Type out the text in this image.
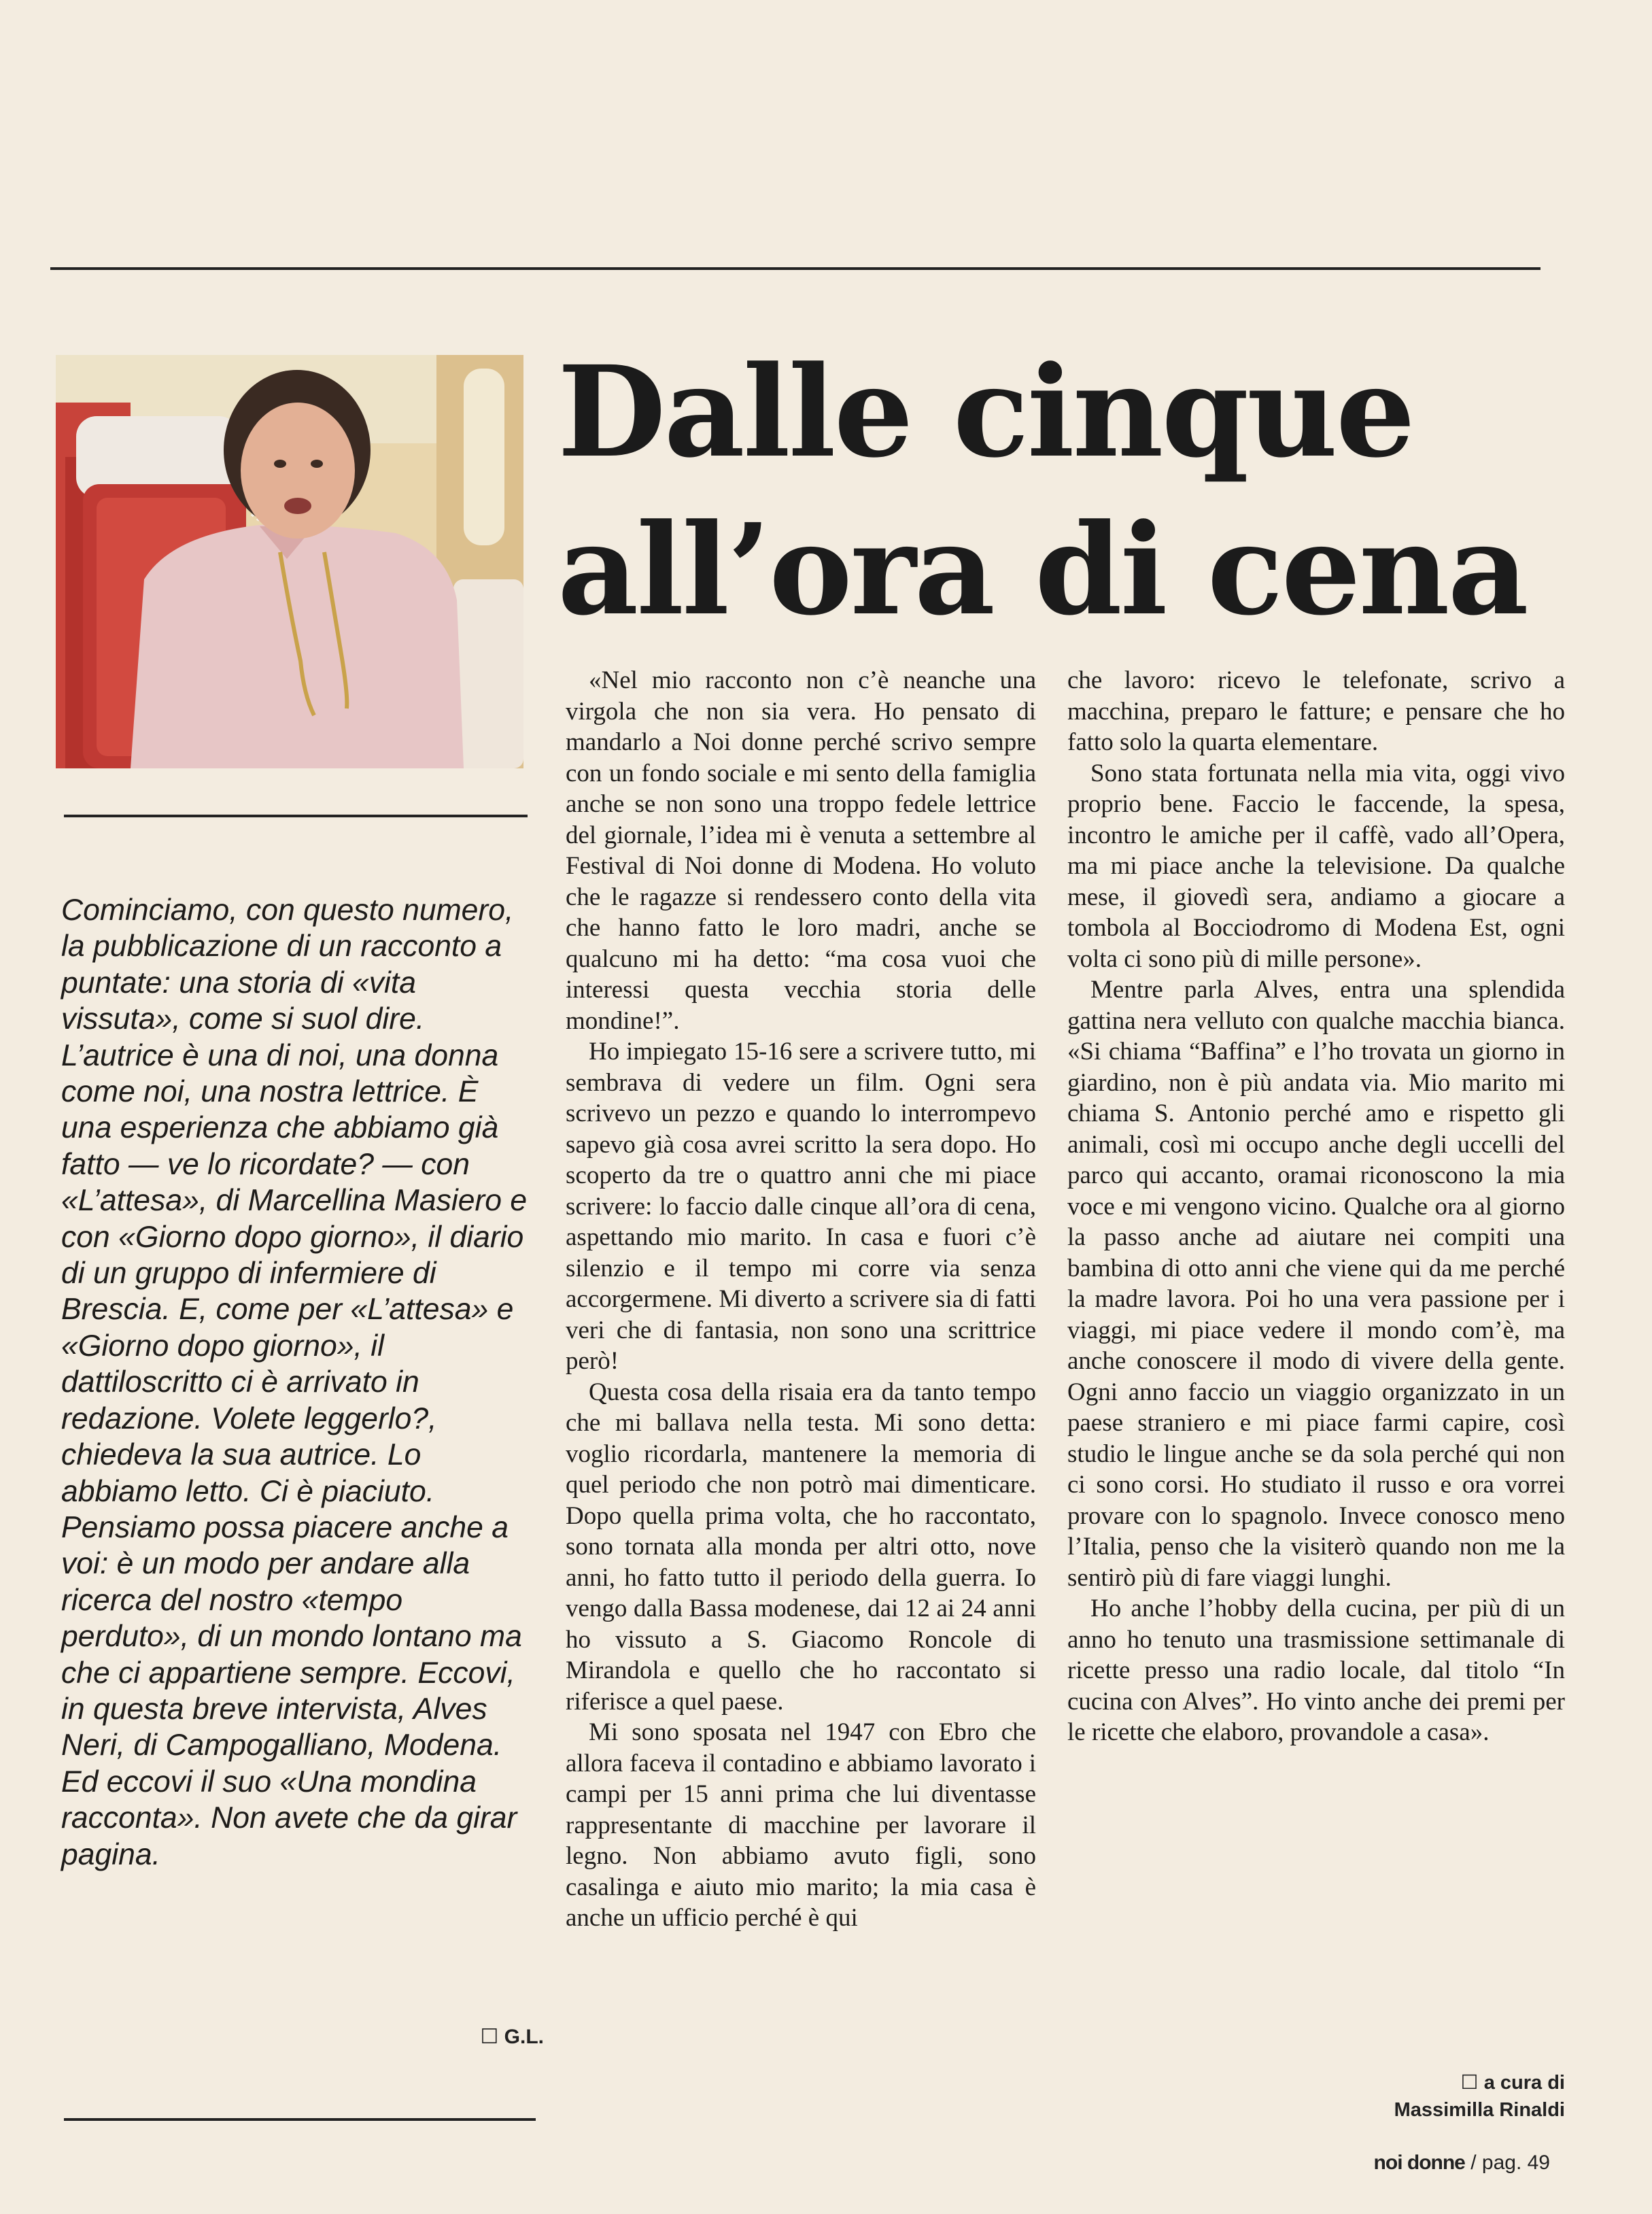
Dalle cinque
all’ora di cena
Cominciamo, con questo numero, la pubblicazione di un racconto a puntate: una storia di «vita vissuta», come si suol dire. L’autrice è una di noi, una donna come noi, una nostra lettrice. È una esperienza che abbiamo già fatto — ve lo ricordate? — con «L’attesa», di Marcellina Masiero e con «Giorno dopo giorno», il diario di un gruppo di infermiere di Brescia. E, come per «L’attesa» e «Giorno dopo giorno», il dattiloscritto ci è arrivato in redazione. Volete leggerlo?, chiedeva la sua autrice. Lo abbiamo letto. Ci è piaciuto. Pensiamo possa piacere anche a voi: è un modo per andare alla ricerca del nostro «tempo perduto», di un mondo lontano ma che ci appartiene sempre. Eccovi, in questa breve intervista, Alves Neri, di Campogalliano, Modena. Ed eccovi il suo «Una mondina racconta». Non avete che da girar pagina.
☐ G.L.

«Nel mio racconto non c’è neanche una virgola che non sia vera. Ho pensato di mandarlo a Noi donne perché scrivo sempre con un fondo sociale e mi sento della famiglia anche se non sono una troppo fedele lettrice del giornale, l’idea mi è venuta a settembre al Festival di Noi donne di Modena. Ho voluto che le ragazze si rendessero conto della vita che hanno fatto le loro madri, anche se qualcuno mi ha detto: “ma cosa vuoi che interessi questa vecchia storia delle mondine!”.

Ho impiegato 15-16 sere a scrivere tutto, mi sembrava di vedere un film. Ogni sera scrivevo un pezzo e quando lo interrompevo sapevo già cosa avrei scritto la sera dopo. Ho scoperto da tre o quattro anni che mi piace scrivere: lo faccio dalle cinque all’ora di cena, aspettando mio marito. In casa e fuori c’è silenzio e il tempo mi corre via senza accorgermene. Mi diverto a scrivere sia di fatti veri che di fantasia, non sono una scrittrice però!

Questa cosa della risaia era da tanto tempo che mi ballava nella testa. Mi sono detta: voglio ricordarla, mantenere la memoria di quel periodo che non potrò mai dimenticare. Dopo quella prima volta, che ho raccontato, sono tornata alla monda per altri otto, nove anni, ho fatto tutto il periodo della guerra. Io vengo dalla Bassa modenese, dai 12 ai 24 anni ho vissuto a S. Giacomo Roncole di Mirandola e quello che ho raccontato si riferisce a quel paese.

Mi sono sposata nel 1947 con Ebro che allora faceva il contadino e abbiamo lavorato i campi per 15 anni prima che lui diventasse rappresentante di macchine per lavorare il legno. Non abbiamo avuto figli, sono casalinga e aiuto mio marito; la mia casa è anche un ufficio perché è qui

che lavoro: ricevo le telefonate, scrivo a macchina, preparo le fatture; e pensare che ho fatto solo la quarta elementare.

Sono stata fortunata nella mia vita, oggi vivo proprio bene. Faccio le faccende, la spesa, incontro le amiche per il caffè, vado all’Opera, ma mi piace anche la televisione. Da qualche mese, il giovedì sera, andiamo a giocare a tombola al Bocciodromo di Modena Est, ogni volta ci sono più di mille persone».

Mentre parla Alves, entra una splendida gattina nera velluto con qualche macchia bianca. «Si chiama “Baffina” e l’ho trovata un giorno in giardino, non è più andata via. Mio marito mi chiama S. Antonio perché amo e rispetto gli animali, così mi occupo anche degli uccelli del parco qui accanto, oramai riconoscono la mia voce e mi vengono vicino. Qualche ora al giorno la passo anche ad aiutare nei compiti una bambina di otto anni che viene qui da me perché la madre lavora. Poi ho una vera passione per i viaggi, mi piace vedere il mondo com’è, ma anche conoscere il modo di vivere della gente. Ogni anno faccio un viaggio organizzato in un paese straniero e mi piace farmi capire, così studio le lingue anche se da sola perché qui non ci sono corsi. Ho studiato il russo e ora vorrei provare con lo spagnolo. Invece conosco meno l’Italia, penso che la visiterò quando non me la sentirò più di fare viaggi lunghi.

Ho anche l’hobby della cucina, per più di un anno ho tenuto una trasmissione settimanale di ricette presso una radio locale, dal titolo “In cucina con Alves”. Ho vinto anche dei premi per le ricette che elaboro, provandole a casa».

☐ a cura di
Massimilla Rinaldi
noi donne / pag. 49
